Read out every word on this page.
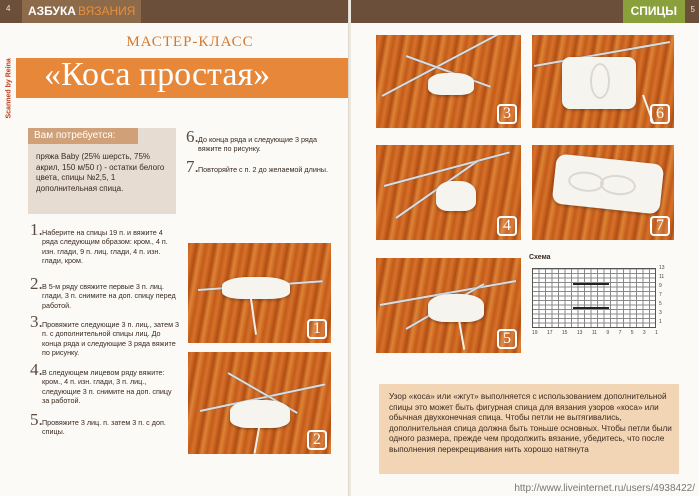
4	АЗБУКА ВЯЗАНИЯ
Scanned by Reina
МАСТЕР-КЛАСС
«Коса простая»
Вам потребуется:
пряжа Baby (25% шерсть, 75% акрил, 150 м/50 г) - остатки белого цвета, спицы №2,5, 1 дополнительная спица.
1. Наберите на спицы 19 п. и вяжите 4 ряда следующим образом: кром., 4 п. изн. глади, 9 п. лиц. глади, 4 п. изн. глади, кром.
2. В 5-м ряду свяжите первые 3 п. лиц. глади, 3 п. снимите на доп. спицу перед работой.
3. Провяжите следующие 3 п. лиц., затем 3 п. с дополнительной спицы лиц. До конца ряда и следующие 3 ряда вяжите по рисунку.
4. В следующем лицевом ряду вяжите: кром., 4 п. изн. глади, 3 п. лиц., следующие 3 п. снимите на доп. спицу за работой.
5. Провяжите 3 лиц. п. затем 3 п. с доп. спицы.
6. До конца ряда и следующие 3 ряда вяжите по рисунку.
7. Повторяйте с п. 2 до желаемой длины.
1
2
СПИЦЫ	5
3
4
5
6
7
Схема
13
11
9
7
5
3
1
19 17 15 13 11 9 7 5 3 1
Узор «коса» или «жгут» выполняется с использованием дополнительной спицы это может быть фигурная спица для вязания узоров «коса» или обычная двухконечная спица. Чтобы петли не вытягивались, дополнительная спица должна быть тоньше основных. Чтобы петли были одного размера, прежде чем продолжить вязание, убедитесь, что после выполнения перекрещивания нить хорошо натянута
http://www.liveinternet.ru/users/4938422/
